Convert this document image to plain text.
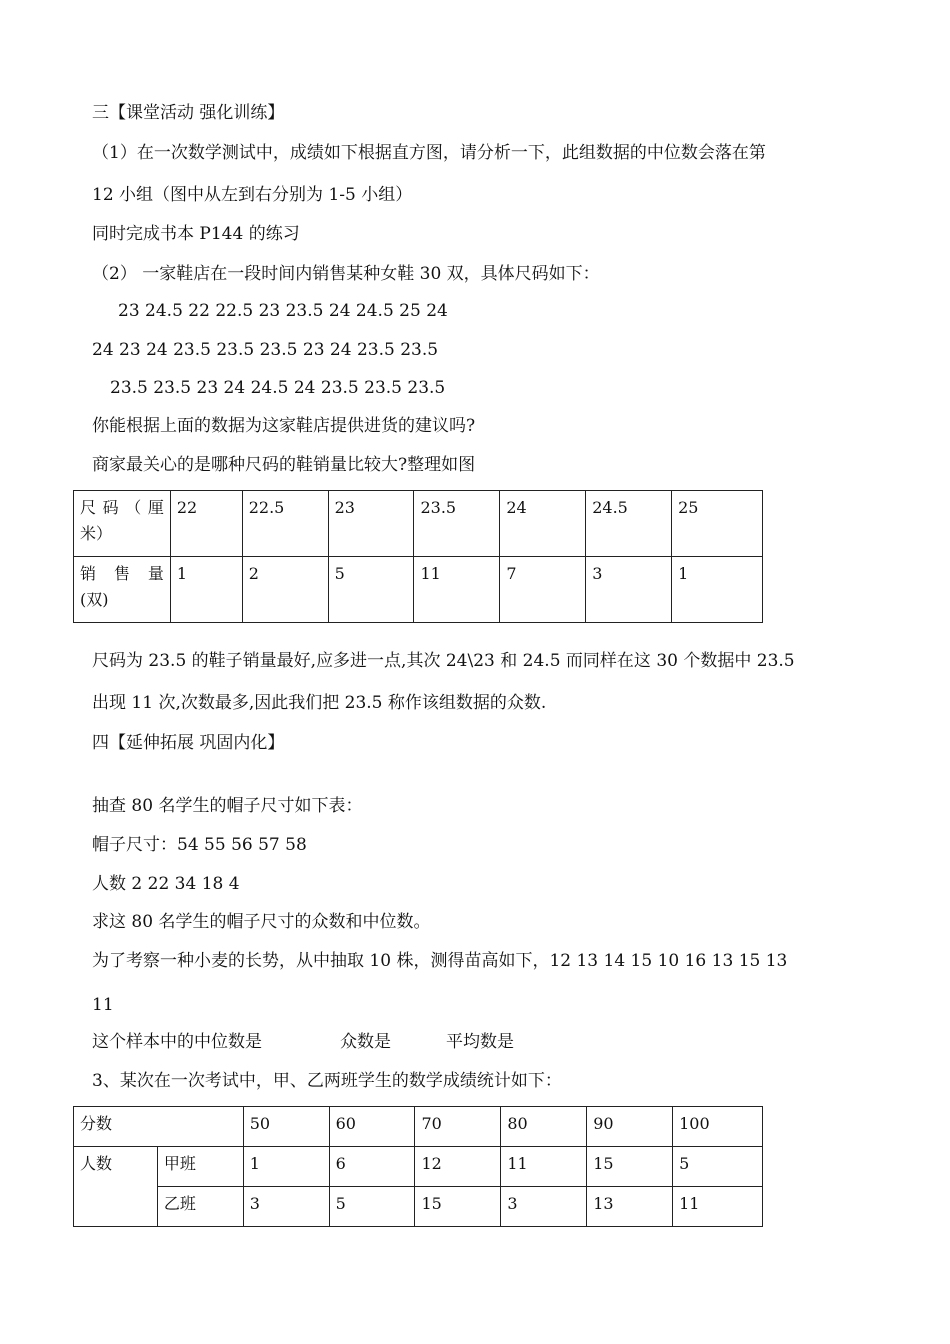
三【课堂活动 强化训练】
（1）在一次数学测试中，成绩如下根据直方图，请分析一下，此组数据的中位数会落在第
12 小组（图中从左到右分别为 1-5 小组）
同时完成书本 P144 的练习
（2） 一家鞋店在一段时间内销售某种女鞋 30 双，具体尺码如下：
23 24.5 22 22.5 23 23.5 24 24.5 25 24
24 23 24 23.5 23.5 23.5 23 24 23.5 23.5
23.5 23.5 23 24 24.5 24 23.5 23.5 23.5
你能根据上面的数据为这家鞋店提供进货的建议吗?
商家最关心的是哪种尺码的鞋销量比较大?整理如图
尺码（厘
米）	22	22.5	23	23.5	24	24.5	25

销售量
(双)	1	2	5	11	7	3	1
尺码为 23.5 的鞋子销量最好,应多进一点,其次 24\23 和 24.5 而同样在这 30 个数据中 23.5
出现 11 次,次数最多,因此我们把 23.5 称作该组数据的众数.
四【延伸拓展 巩固内化】
抽查 80 名学生的帽子尺寸如下表：
帽子尺寸：54 55 56 57 58
人数 2 22 34 18 4
求这 80 名学生的帽子尺寸的众数和中位数。
为了考察一种小麦的长势，从中抽取 10 株，测得苗高如下，12 13 14 15 10 16 13 15 13
11
这个样本中的中位数是	众数是	平均数是
3、某次在一次考试中，甲、乙两班学生的数学成绩统计如下：
分数		50	60	70	80	90	100
人数	甲班	1	6	12	11	15	5
	乙班	3	5	15	3	13	11
